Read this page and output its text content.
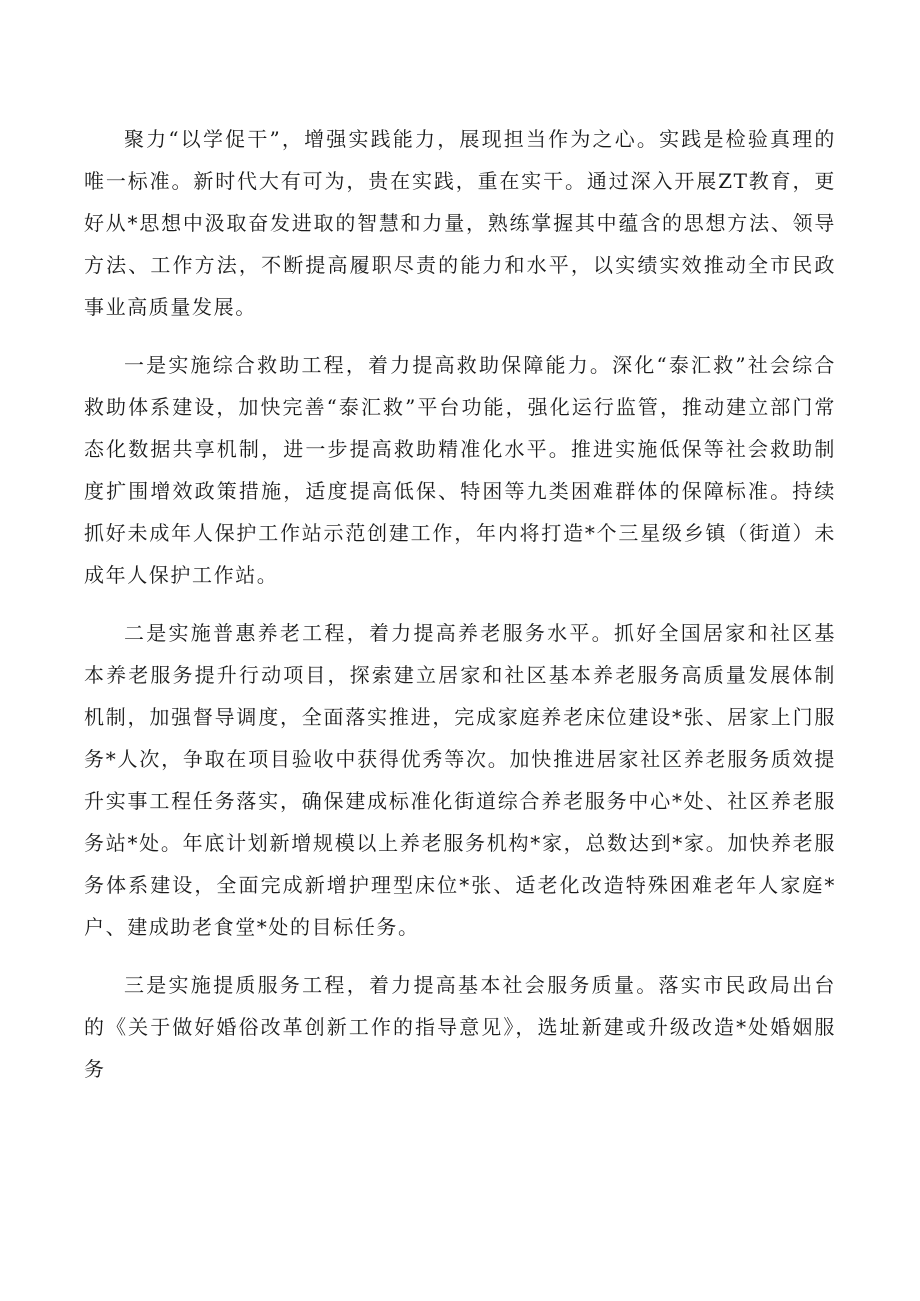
聚力“以学促干”，增强实践能力，展现担当作为之心。实践是检验真理的唯一标准。新时代大有可为，贵在实践，重在实干。通过深入开展ZT教育，更好从*思想中汲取奋发进取的智慧和力量，熟练掌握其中蕴含的思想方法、领导方法、工作方法，不断提高履职尽责的能力和水平，以实绩实效推动全市民政事业高质量发展。

一是实施综合救助工程，着力提高救助保障能力。深化“泰汇救”社会综合救助体系建设，加快完善“泰汇救”平台功能，强化运行监管，推动建立部门常态化数据共享机制，进一步提高救助精准化水平。推进实施低保等社会救助制度扩围增效政策措施，适度提高低保、特困等九类困难群体的保障标准。持续抓好未成年人保护工作站示范创建工作，年内将打造*个三星级乡镇（街道）未成年人保护工作站。

二是实施普惠养老工程，着力提高养老服务水平。抓好全国居家和社区基本养老服务提升行动项目，探索建立居家和社区基本养老服务高质量发展体制机制，加强督导调度，全面落实推进，完成家庭养老床位建设*张、居家上门服务*人次，争取在项目验收中获得优秀等次。加快推进居家社区养老服务质效提升实事工程任务落实，确保建成标准化街道综合养老服务中心*处、社区养老服务站*处。年底计划新增规模以上养老服务机构*家，总数达到*家。加快养老服务体系建设，全面完成新增护理型床位*张、适老化改造特殊困难老年人家庭*户、建成助老食堂*处的目标任务。

三是实施提质服务工程，着力提高基本社会服务质量。落实市民政局出台的《关于做好婚俗改革创新工作的指导意见》，选址新建或升级改造*处婚姻服务
